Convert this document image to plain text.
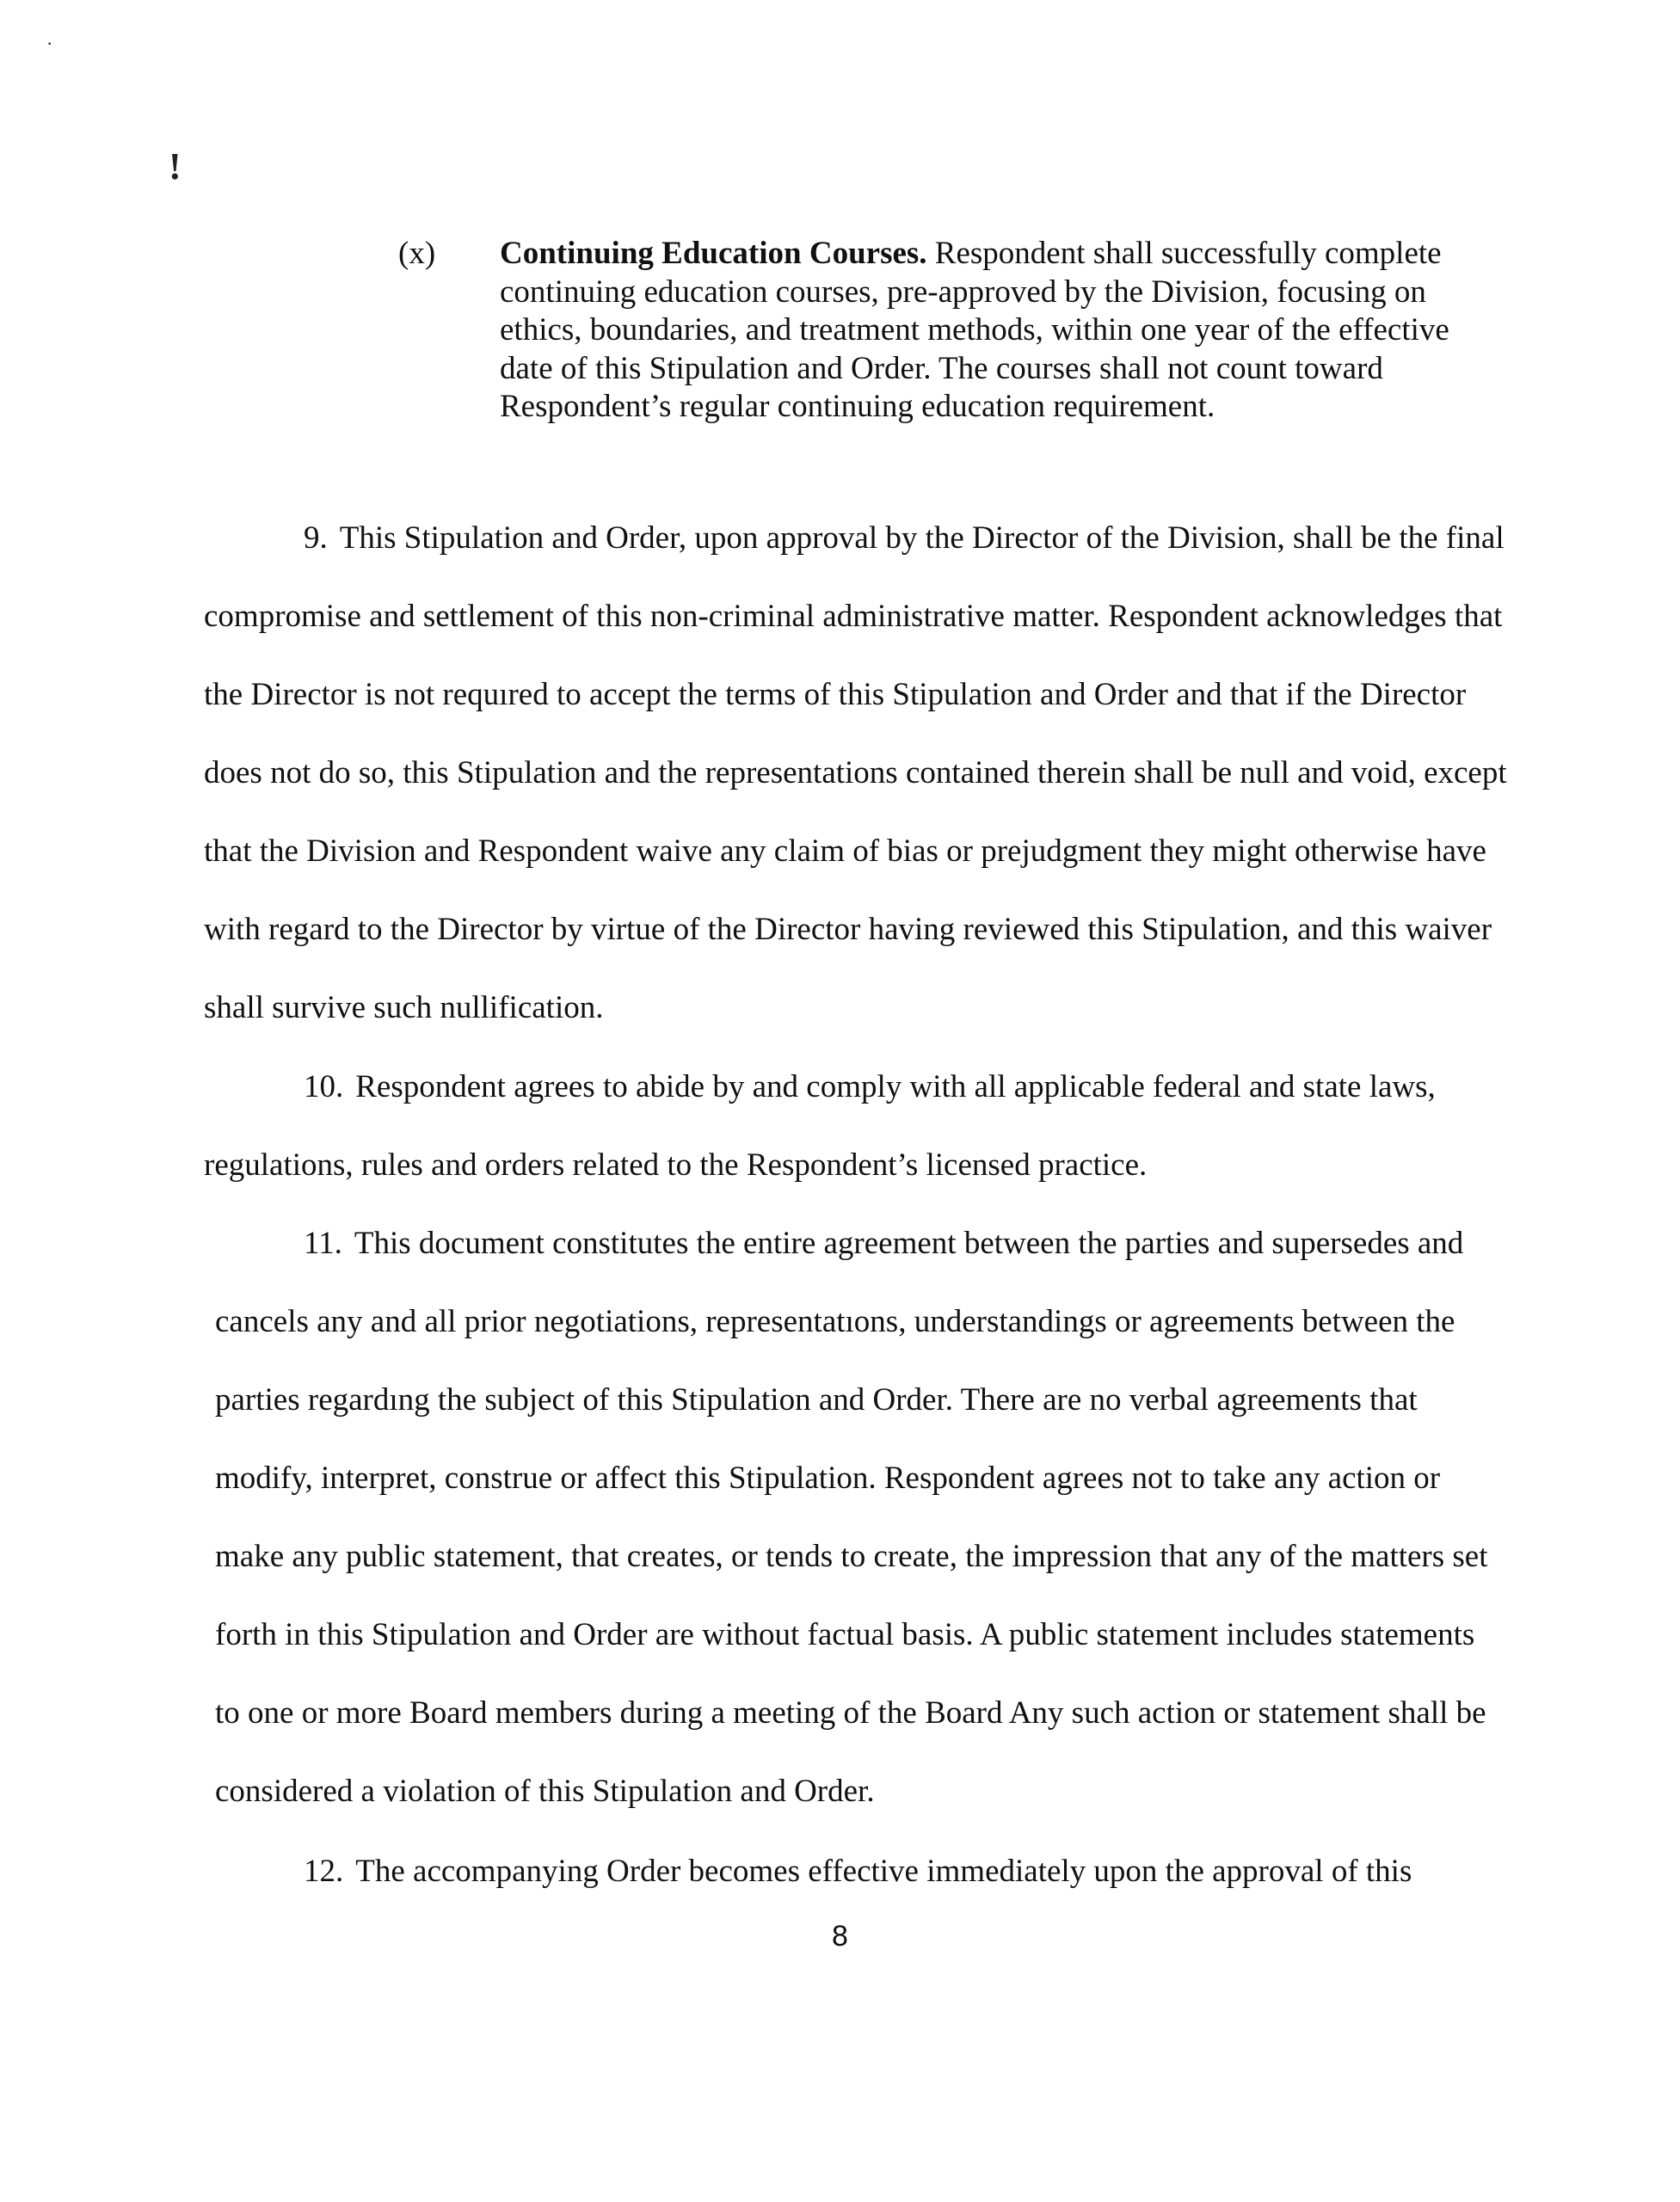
·
!
(x) Continuing Education Courses. Respondent shall successfully complete continuing education courses, pre-approved by the Division, focusing on ethics, boundaries, and treatment methods, within one year of the effective date of this Stipulation and Order. The courses shall not count toward Respondent’s regular continuing education requirement.

9. This Stipulation and Order, upon approval by the Director of the Division, shall be the final compromise and settlement of this non-criminal administrative matter. Respondent acknowledges that the Director is not requıred to accept the terms of this Stipulation and Order and that if the Director does not do so, this Stipulation and the representations contained therein shall be null and void, except that the Division and Respondent waive any claim of bias or prejudgment they might otherwise have with regard to the Director by virtue of the Director having reviewed this Stipulation, and this waiver shall survive such nullification.

10. Respondent agrees to abide by and comply with all applicable federal and state laws, regulations, rules and orders related to the Respondent’s licensed practice.

11. This document constitutes the entire agreement between the parties and supersedes and cancels any and all prior negotiations, representatıons, understandings or agreements between the parties regardıng the subject of this Stipulation and Order. There are no verbal agreements that modify, interpret, construe or affect this Stipulation. Respondent agrees not to take any action or make any public statement, that creates, or tends to create, the impression that any of the matters set forth in this Stipulation and Order are without factual basis. A public statement includes statements to one or more Board members during a meeting of the Board Any such action or statement shall be considered a violation of this Stipulation and Order.

12. The accompanying Order becomes effective immediately upon the approval of this

8
